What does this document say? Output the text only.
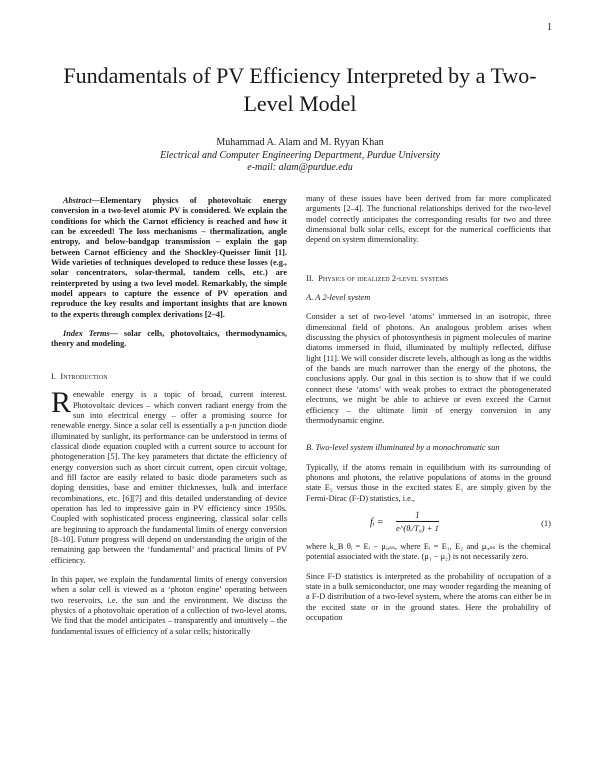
1
Fundamentals of PV Efficiency Interpreted by a Two-Level Model
Muhammad A. Alam and M. Ryyan Khan
Electrical and Computer Engineering Department, Purdue University
e-mail: alam@purdue.edu

Abstract—Elementary physics of photovoltaic energy conversion in a two-level atomic PV is considered. We explain the conditions for which the Carnot efficiency is reached and how it can be exceeded! The loss mechanisms – thermalization, angle entropy, and below-bandgap transmission – explain the gap between Carnot efficiency and the Shockley-Queisser limit [1]. Wide varieties of techniques developed to reduce these losses (e.g., solar concentrators, solar-thermal, tandem cells, etc.) are reinterpreted by using a two level model. Remarkably, the simple model appears to capture the essence of PV operation and reproduce the key results and important insights that are known to the experts through complex derivations [2–4].

Index Terms— solar cells, photovoltaics, thermodynamics, theory and modeling.

I. Introduction

Renewable energy is a topic of broad, current interest. Photovoltaic devices – which convert radiant energy from the sun into electrical energy – offer a promising source for renewable energy. Since a solar cell is essentially a p-n junction diode illuminated by sunlight, its performance can be understood in terms of classical diode equation coupled with a current source to account for photogeneration [5]. The key parameters that dictate the efficiency of energy conversion such as short circuit current, open circuit voltage, and fill factor are easily related to basic diode parameters such as doping densities, base and emitter thicknesses, bulk and interface recombinations, etc. [6][7] and this detailed understanding of device operation has led to impressive gain in PV efficiency since 1950s. Coupled with sophisticated process engineering, classical solar cells are beginning to approach the fundamental limits of energy conversion [8–10]. Future progress will depend on understanding the origin of the remaining gap between the ‘fundamental’ and practical limits of PV efficiency.

In this paper, we explain the fundamental limits of energy conversion when a solar cell is viewed as a ‘photon engine’ operating between two reservoirs, i.e. the sun and the environment. We discuss the physics of a photovoltaic operation of a collection of two-level atoms. We find that the model anticipates – transparently and intuitively – the fundamental issues of efficiency of a solar cells; historically

many of these issues have been derived from far more complicated arguments [2–4]. The functional relationships derived for the two-level model correctly anticipates the corresponding results for two and three dimensional bulk solar cells, except for the numerical coefficients that depend on system dimensionality.

II. Physics of idealized 2-level systems
A. A 2-level system

Consider a set of two-level ‘atoms’ immersed in an isotropic, three dimensional field of photons. An analogous problem arises when discussing the physics of photosynthesis in pigment molecules of marine diatoms immersed in fluid, illuminated by multiply reflected, diffuse light [11]. We will consider discrete levels, although as long as the widths of the bands are much narrower than the energy of the photons, the conclusions apply. Our goal in this section is to show that if we could connect these ‘atoms’ with weak probes to extract the photogenerated electrons, we might be able to achieve or even exceed the Carnot efficiency – the ultimate limit of energy conversion in any thermodynamic engine.

B. Two-level system illuminated by a monochromatic sun

Typically, if the atoms remain in equilibrium with its surrounding of phonons and photons, the relative populations of atoms in the ground state E₂ versus those in the excited states E₁ are simply given by the Fermi-Dirac (F-D) statistics, i.e.,

fᵢ = $\frac{1}{\text{e\textasciicircum{}(θᵢ/T₀) + 1}}$	(1)

where k_B θᵢ = Eᵢ − μᵢ,ₛₛ, where Eᵢ = E₁, E₂ and μᵢ,ₛₛ is the chemical potential associated with the state. (μ₁ − μ₂) is not necessarily zero.

Since F-D statistics is interpreted as the probability of occupation of a state in a bulk semiconductor, one may wonder regarding the meaning of a F-D distribution of a two-level system, where the atoms can either be in the excited state or in the ground states. Here the probability of occupation
